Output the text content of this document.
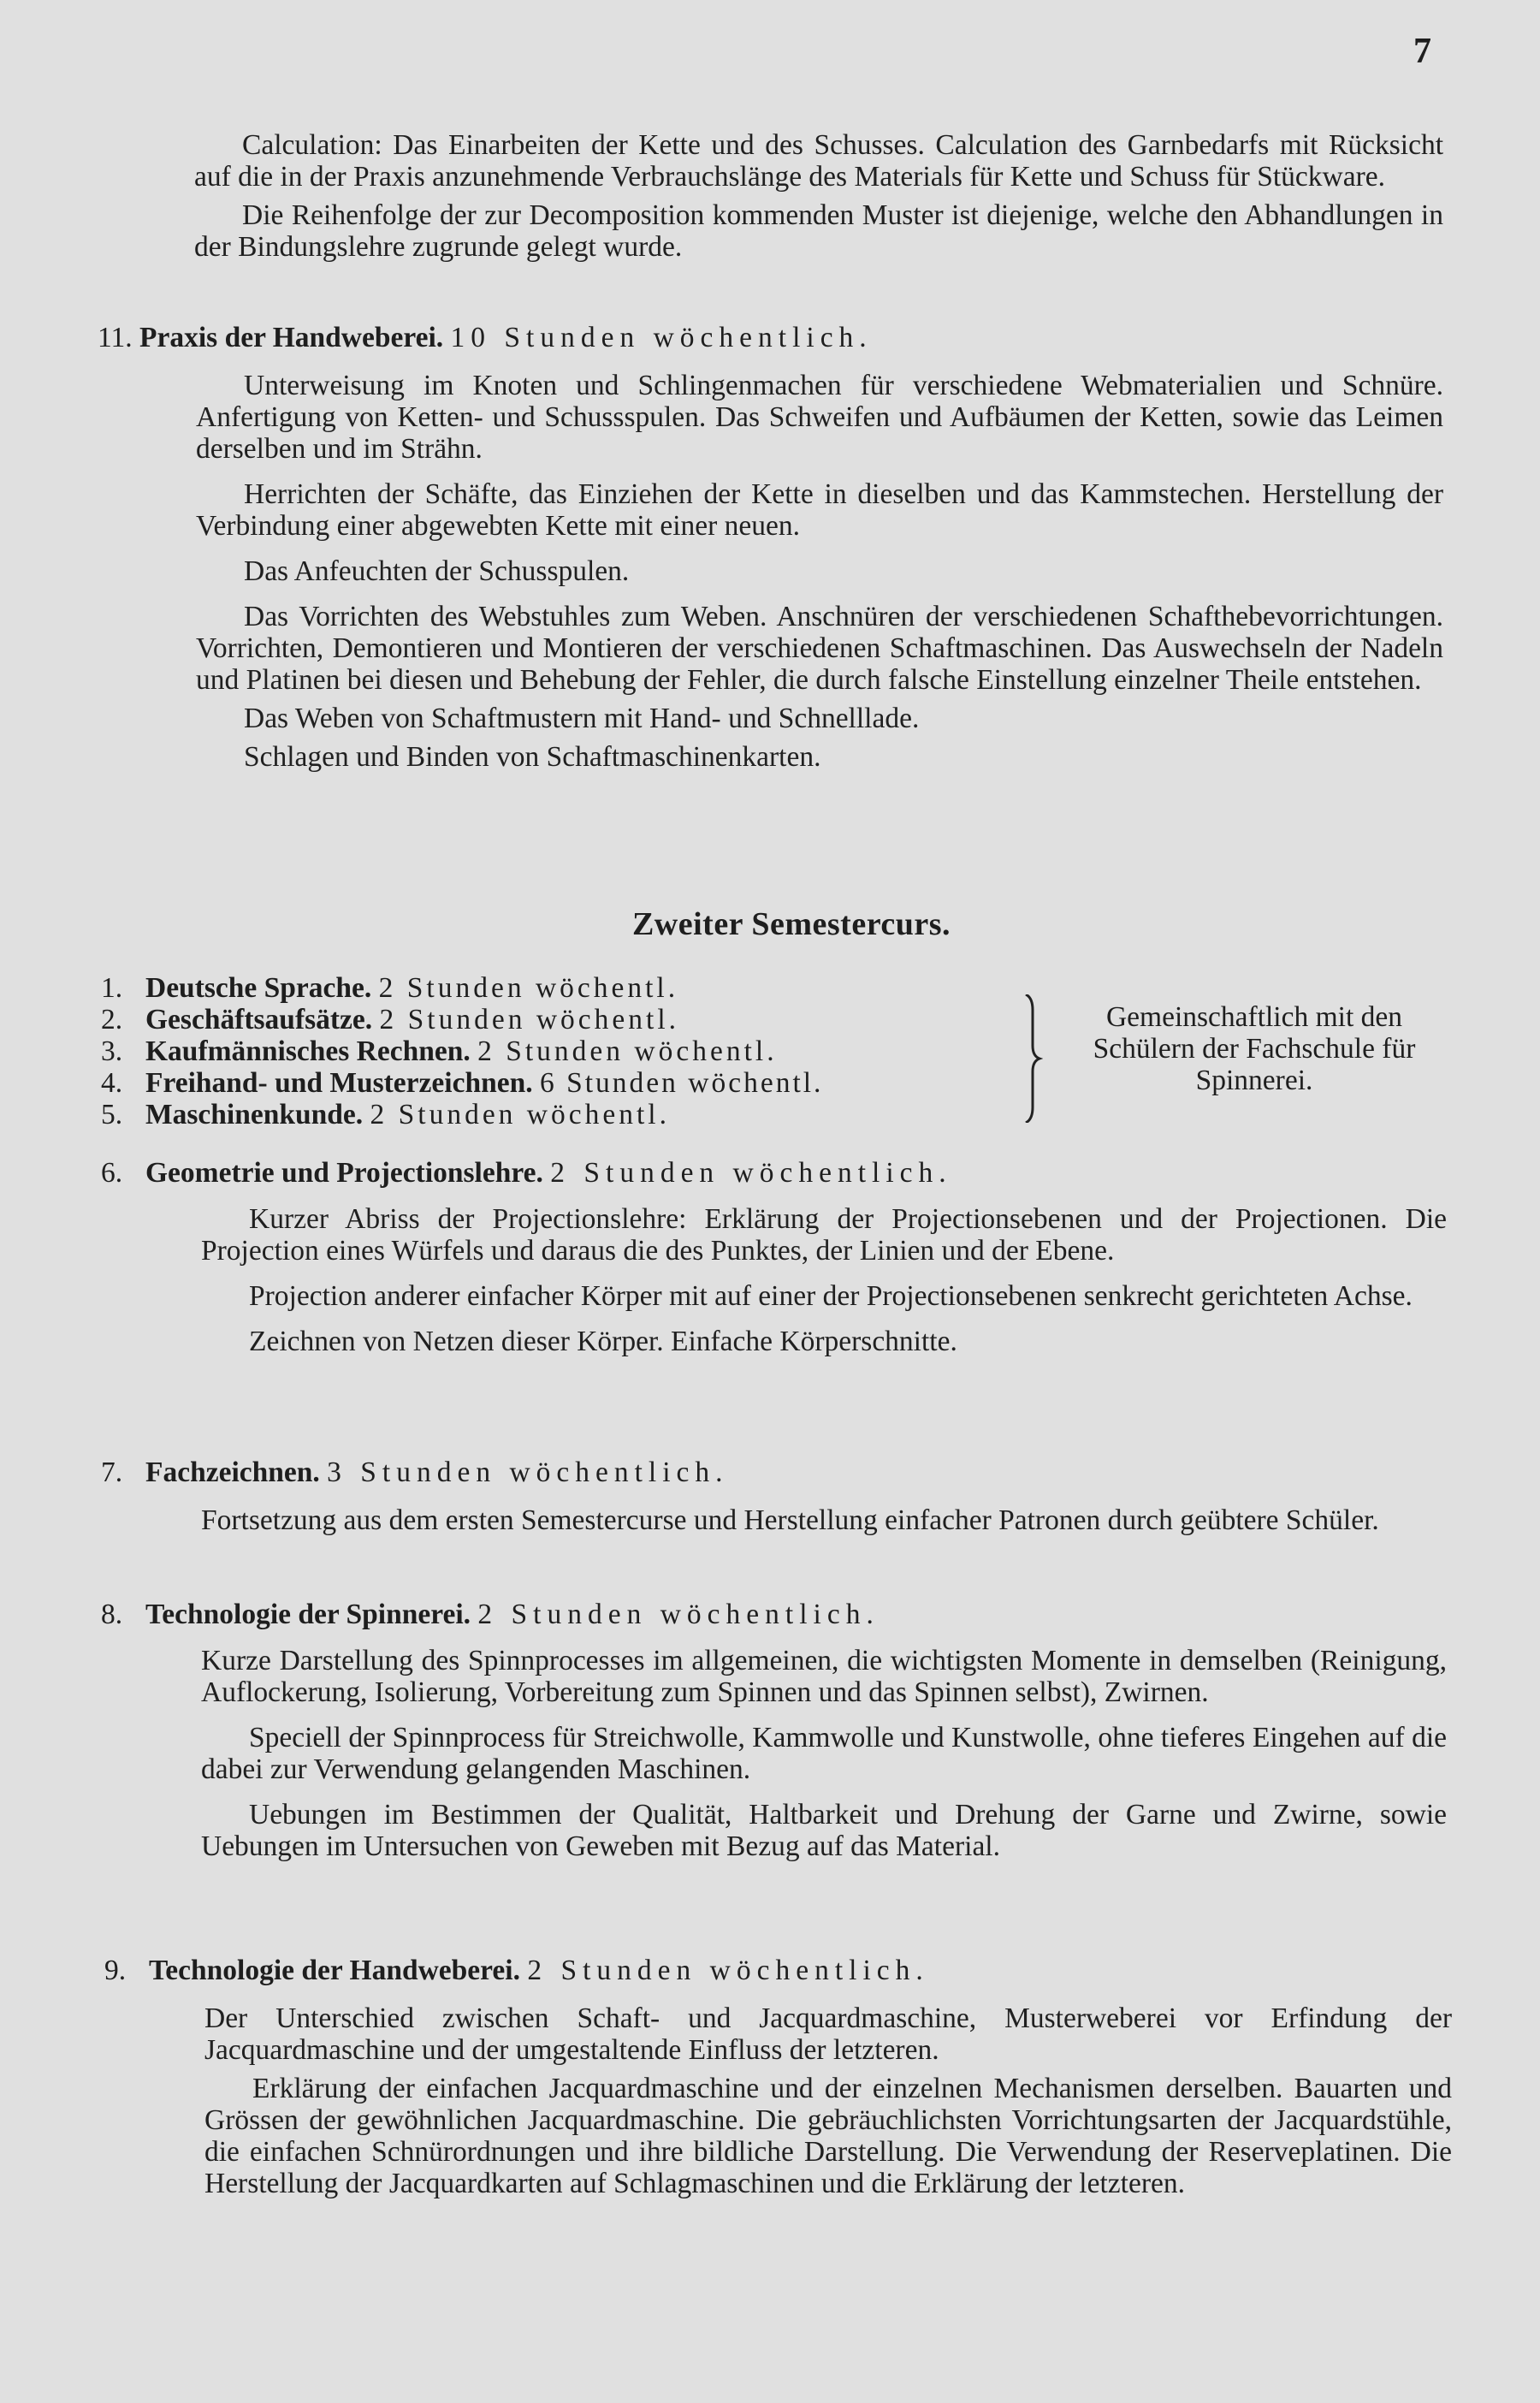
7

Calculation: Das Einarbeiten der Kette und des Schusses. Calculation des Garnbedarfs mit Rücksicht auf die in der Praxis anzunehmende Verbrauchslänge des Materials für Kette und Schuss für Stückware.

Die Reihenfolge der zur Decomposition kommenden Muster ist diejenige, welche den Abhandlungen in der Bindungslehre zugrunde gelegt wurde.

11. Praxis der Handweberei. 10 Stunden wöchentlich.

Unterweisung im Knoten und Schlingenmachen für verschiedene Webmaterialien und Schnüre. Anfertigung von Ketten- und Schussspulen. Das Schweifen und Aufbäumen der Ketten, sowie das Leimen derselben und im Strähn.

Herrichten der Schäfte, das Einziehen der Kette in dieselben und das Kammstechen. Herstellung der Verbindung einer abgewebten Kette mit einer neuen.

Das Anfeuchten der Schusspulen.

Das Vorrichten des Webstuhles zum Weben. Anschnüren der verschiedenen Schafthebevorrichtungen. Vorrichten, Demontieren und Montieren der verschiedenen Schaftmaschinen. Das Auswechseln der Nadeln und Platinen bei diesen und Behebung der Fehler, die durch falsche Einstellung einzelner Theile entstehen.

Das Weben von Schaftmustern mit Hand- und Schnelllade.

Schlagen und Binden von Schaftmaschinenkarten.

Zweiter Semestercurs.
1. Deutsche Sprache. 2 Stunden wöchentl.
2. Geschäftsaufsätze. 2 Stunden wöchentl.
3. Kaufmännisches Rechnen. 2 Stunden wöchentl.
4. Freihand- und Musterzeichnen. 6 Stunden wöchentl.
5. Maschinenkunde. 2 Stunden wöchentl.
Gemeinschaftlich mit den Schülern der Fachschule für Spinnerei.
6. Geometrie und Projectionslehre. 2 Stunden wöchentlich.

Kurzer Abriss der Projectionslehre: Erklärung der Projectionsebenen und der Projectionen. Die Projection eines Würfels und daraus die des Punktes, der Linien und der Ebene.

Projection anderer einfacher Körper mit auf einer der Projectionsebenen senkrecht gerichteten Achse.

Zeichnen von Netzen dieser Körper. Einfache Körperschnitte.

7. Fachzeichnen. 3 Stunden wöchentlich.

Fortsetzung aus dem ersten Semestercurse und Herstellung einfacher Patronen durch geübtere Schüler.

8. Technologie der Spinnerei. 2 Stunden wöchentlich.

Kurze Darstellung des Spinnprocesses im allgemeinen, die wichtigsten Momente in demselben (Reinigung, Auflockerung, Isolierung, Vorbereitung zum Spinnen und das Spinnen selbst), Zwirnen.

Speciell der Spinnprocess für Streichwolle, Kammwolle und Kunstwolle, ohne tieferes Eingehen auf die dabei zur Verwendung gelangenden Maschinen.

Uebungen im Bestimmen der Qualität, Haltbarkeit und Drehung der Garne und Zwirne, sowie Uebungen im Untersuchen von Geweben mit Bezug auf das Material.

9. Technologie der Handweberei. 2 Stunden wöchentlich.

Der Unterschied zwischen Schaft- und Jacquardmaschine, Musterweberei vor Erfindung der Jacquardmaschine und der umgestaltende Einfluss der letzteren.

Erklärung der einfachen Jacquardmaschine und der einzelnen Mechanismen derselben. Bauarten und Grössen der gewöhnlichen Jacquardmaschine. Die gebräuchlichsten Vorrichtungsarten der Jacquardstühle, die einfachen Schnürordnungen und ihre bildliche Darstellung. Die Verwendung der Reserveplatinen. Die Herstellung der Jacquardkarten auf Schlagmaschinen und die Erklärung der letzteren.
